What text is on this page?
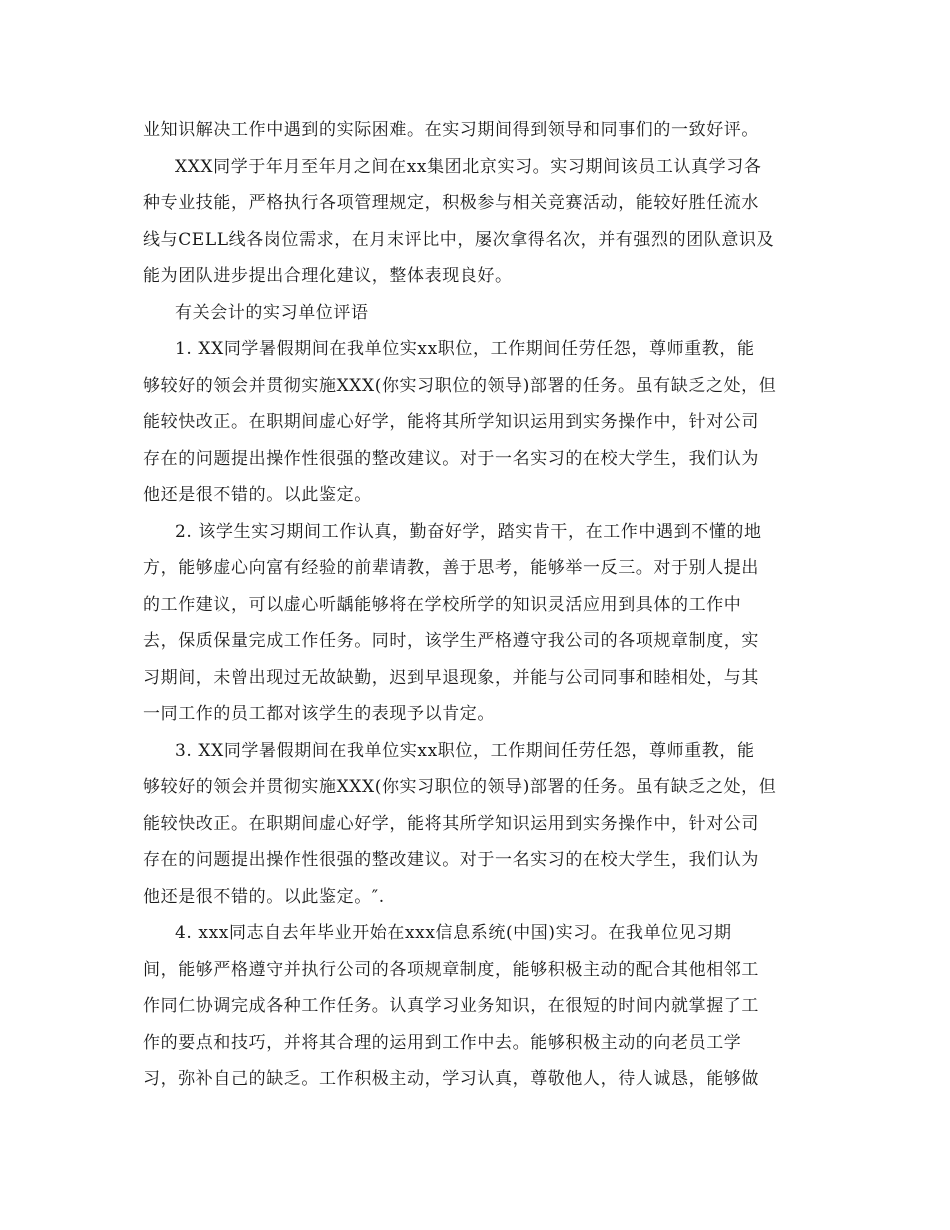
业知识解决工作中遇到的实际困难。在实习期间得到领导和同事们的一致好评。
XXX同学于年月至年月之间在xx集团北京实习。实习期间该员工认真学习各
种专业技能，严格执行各项管理规定，积极参与相关竞赛活动，能较好胜任流水
线与CELL线各岗位需求，在月末评比中，屡次拿得名次，并有强烈的团队意识及
能为团队进步提出合理化建议，整体表现良好。
有关会计的实习单位评语
1. XX同学暑假期间在我单位实xx职位，工作期间任劳任怨，尊师重教，能
够较好的领会并贯彻实施XXX(你实习职位的领导)部署的任务。虽有缺乏之处，但
能较快改正。在职期间虚心好学，能将其所学知识运用到实务操作中，针对公司
存在的问题提出操作性很强的整改建议。对于一名实习的在校大学生，我们认为
他还是很不错的。以此鉴定。
2. 该学生实习期间工作认真，勤奋好学，踏实肯干，在工作中遇到不懂的地
方，能够虚心向富有经验的前辈请教，善于思考，能够举一反三。对于别人提出
的工作建议，可以虚心听龋能够将在学校所学的知识灵活应用到具体的工作中
去，保质保量完成工作任务。同时，该学生严格遵守我公司的各项规章制度，实
习期间，未曾出现过无故缺勤，迟到早退现象，并能与公司同事和睦相处，与其
一同工作的员工都对该学生的表现予以肯定。
3. XX同学暑假期间在我单位实xx职位，工作期间任劳任怨，尊师重教，能
够较好的领会并贯彻实施XXX(你实习职位的领导)部署的任务。虽有缺乏之处，但
能较快改正。在职期间虚心好学，能将其所学知识运用到实务操作中，针对公司
存在的问题提出操作性很强的整改建议。对于一名实习的在校大学生，我们认为
他还是很不错的。以此鉴定。″.
4. xxx同志自去年毕业开始在xxx信息系统(中国)实习。在我单位见习期
间，能够严格遵守并执行公司的各项规章制度，能够积极主动的配合其他相邻工
作同仁协调完成各种工作任务。认真学习业务知识，在很短的时间内就掌握了工
作的要点和技巧，并将其合理的运用到工作中去。能够积极主动的向老员工学
习，弥补自己的缺乏。工作积极主动，学习认真，尊敬他人，待人诚恳，能够做
